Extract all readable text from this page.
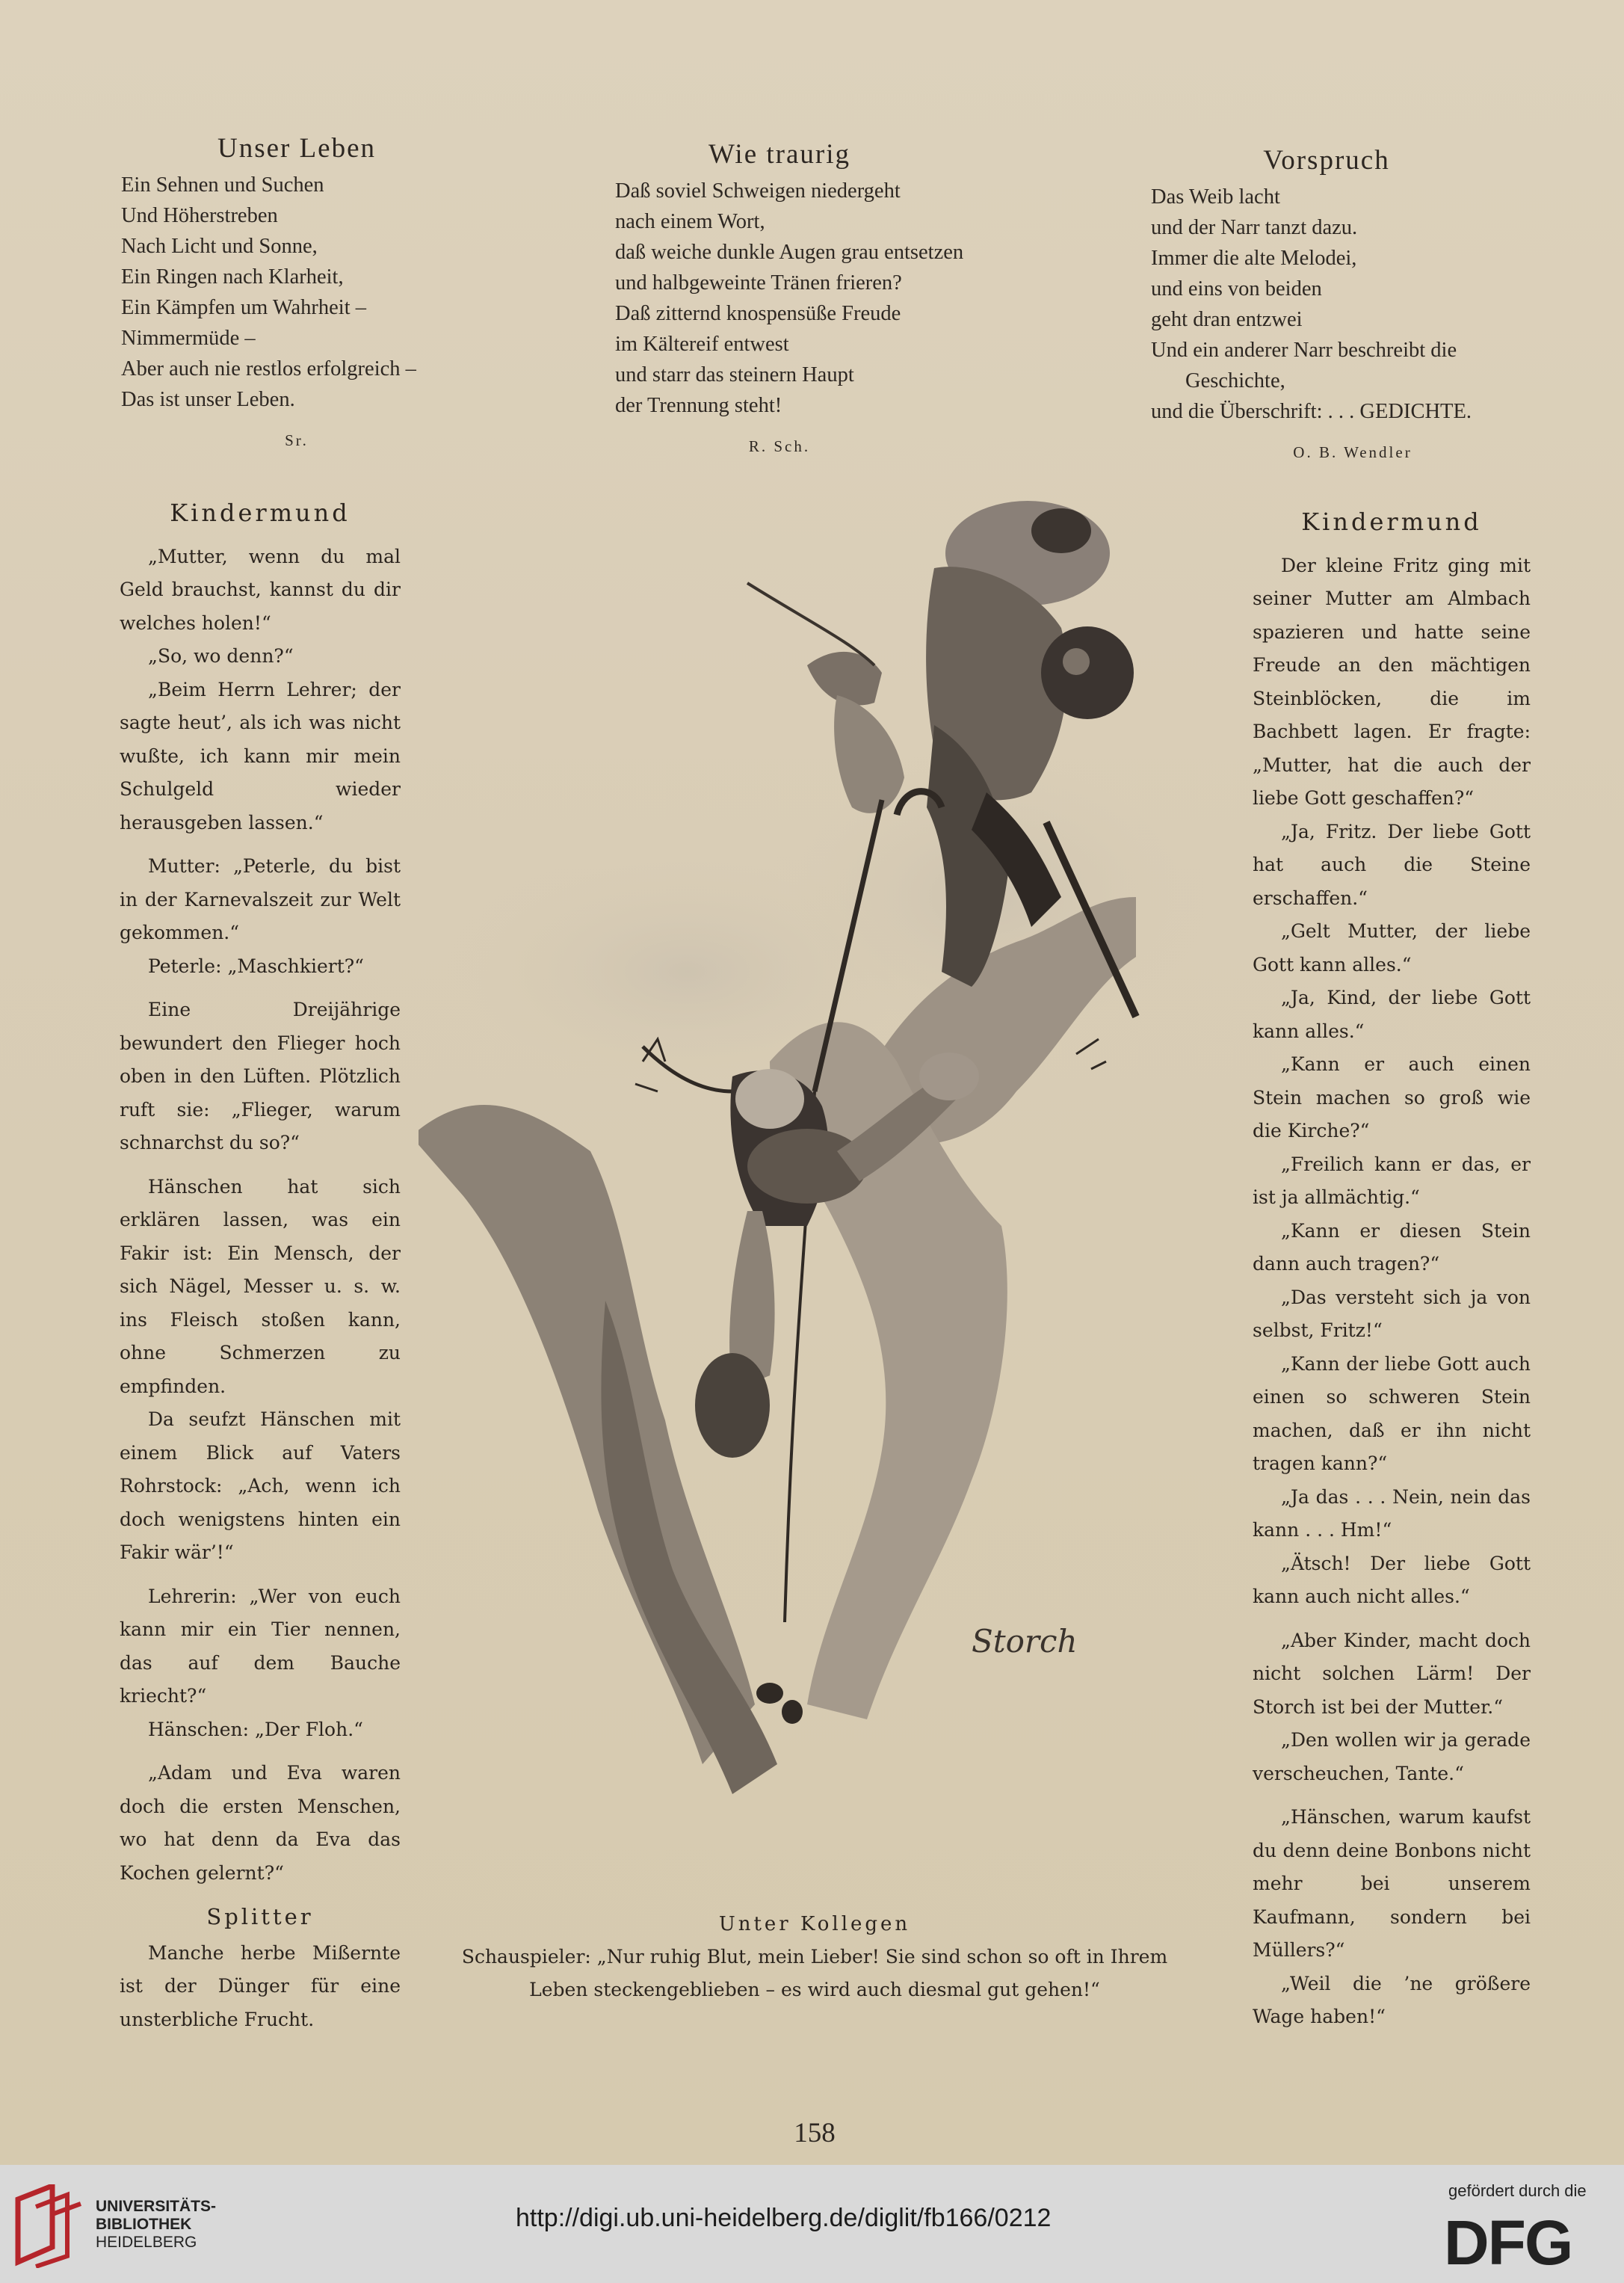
Unser Leben
Ein Sehnen und Suchen
Und Höherstreben
Nach Licht und Sonne,
Ein Ringen nach Klarheit,
Ein Kämpfen um Wahrheit –
Nimmermüde –
Aber auch nie restlos erfolgreich –
Das ist unser Leben.
Sr.
Wie traurig
Daß soviel Schweigen niedergeht
nach einem Wort,
daß weiche dunkle Augen grau entsetzen
und halbgeweinte Tränen frieren?
Daß zitternd knospensüße Freude
im Kältereif entwest
und starr das steinern Haupt
der Trennung steht!
R. Sch.
Vorspruch
Das Weib lacht
und der Narr tanzt dazu.
Immer die alte Melodei,
und eins von beiden
geht dran entzwei
Und ein anderer Narr beschreibt die
Geschichte,
und die Überschrift: . . . GEDICHTE.
O. B. Wendler
Kindermund

„Mutter, wenn du mal Geld brauchst, kannst du dir welches holen!“

„So, wo denn?“

„Beim Herrn Lehrer; der sagte heut’, als ich was nicht wußte, ich kann mir mein Schulgeld wieder herausgeben lassen.“

Mutter: „Peterle, du bist in der Karnevalszeit zur Welt gekommen.“

Peterle: „Maschkiert?“

Eine Dreijährige bewundert den Flieger hoch oben in den Lüften. Plötzlich ruft sie: „Flieger, warum schnarchst du so?“

Hänschen hat sich erklären lassen, was ein Fakir ist: Ein Mensch, der sich Nägel, Messer u. s. w. ins Fleisch stoßen kann, ohne Schmerzen zu empfinden.

Da seufzt Hänschen mit einem Blick auf Vaters Rohrstock: „Ach, wenn ich doch wenigstens hinten ein Fakir wär’!“

Lehrerin: „Wer von euch kann mir ein Tier nennen, das auf dem Bauche kriecht?“

Hänschen: „Der Floh.“

„Adam und Eva waren doch die ersten Menschen, wo hat denn da Eva das Kochen gelernt?“

Splitter

Manche herbe Mißernte ist der Dünger für eine unsterbliche Frucht.

Storch
Unter Kollegen
Schauspieler: „Nur ruhig Blut, mein Lieber! Sie sind schon so oft in Ihrem Leben steckengeblieben – es wird auch diesmal gut gehen!“
Kindermund

Der kleine Fritz ging mit seiner Mutter am Almbach spazieren und hatte seine Freude an den mächtigen Steinblöcken, die im Bachbett lagen. Er fragte: „Mutter, hat die auch der liebe Gott geschaffen?“

„Ja, Fritz. Der liebe Gott hat auch die Steine erschaffen.“

„Gelt Mutter, der liebe Gott kann alles.“

„Ja, Kind, der liebe Gott kann alles.“

„Kann er auch einen Stein machen so groß wie die Kirche?“

„Freilich kann er das, er ist ja allmächtig.“

„Kann er diesen Stein dann auch tragen?“

„Das versteht sich ja von selbst, Fritz!“

„Kann der liebe Gott auch einen so schweren Stein machen, daß er ihn nicht tragen kann?“

„Ja das . . . Nein, nein das kann . . . Hm!“

„Ätsch! Der liebe Gott kann auch nicht alles.“

„Aber Kinder, macht doch nicht solchen Lärm! Der Storch ist bei der Mutter.“

„Den wollen wir ja gerade verscheuchen, Tante.“

„Hänschen, warum kaufst du denn deine Bonbons nicht mehr bei unserem Kaufmann, sondern bei Müllers?“

„Weil die ’ne größere Wage haben!“

158
UNIVERSITÄTS-
BIBLIOTHEK
HEIDELBERG
http://digi.ub.uni-heidelberg.de/diglit/fb166/0212
gefördert durch die
DFG
